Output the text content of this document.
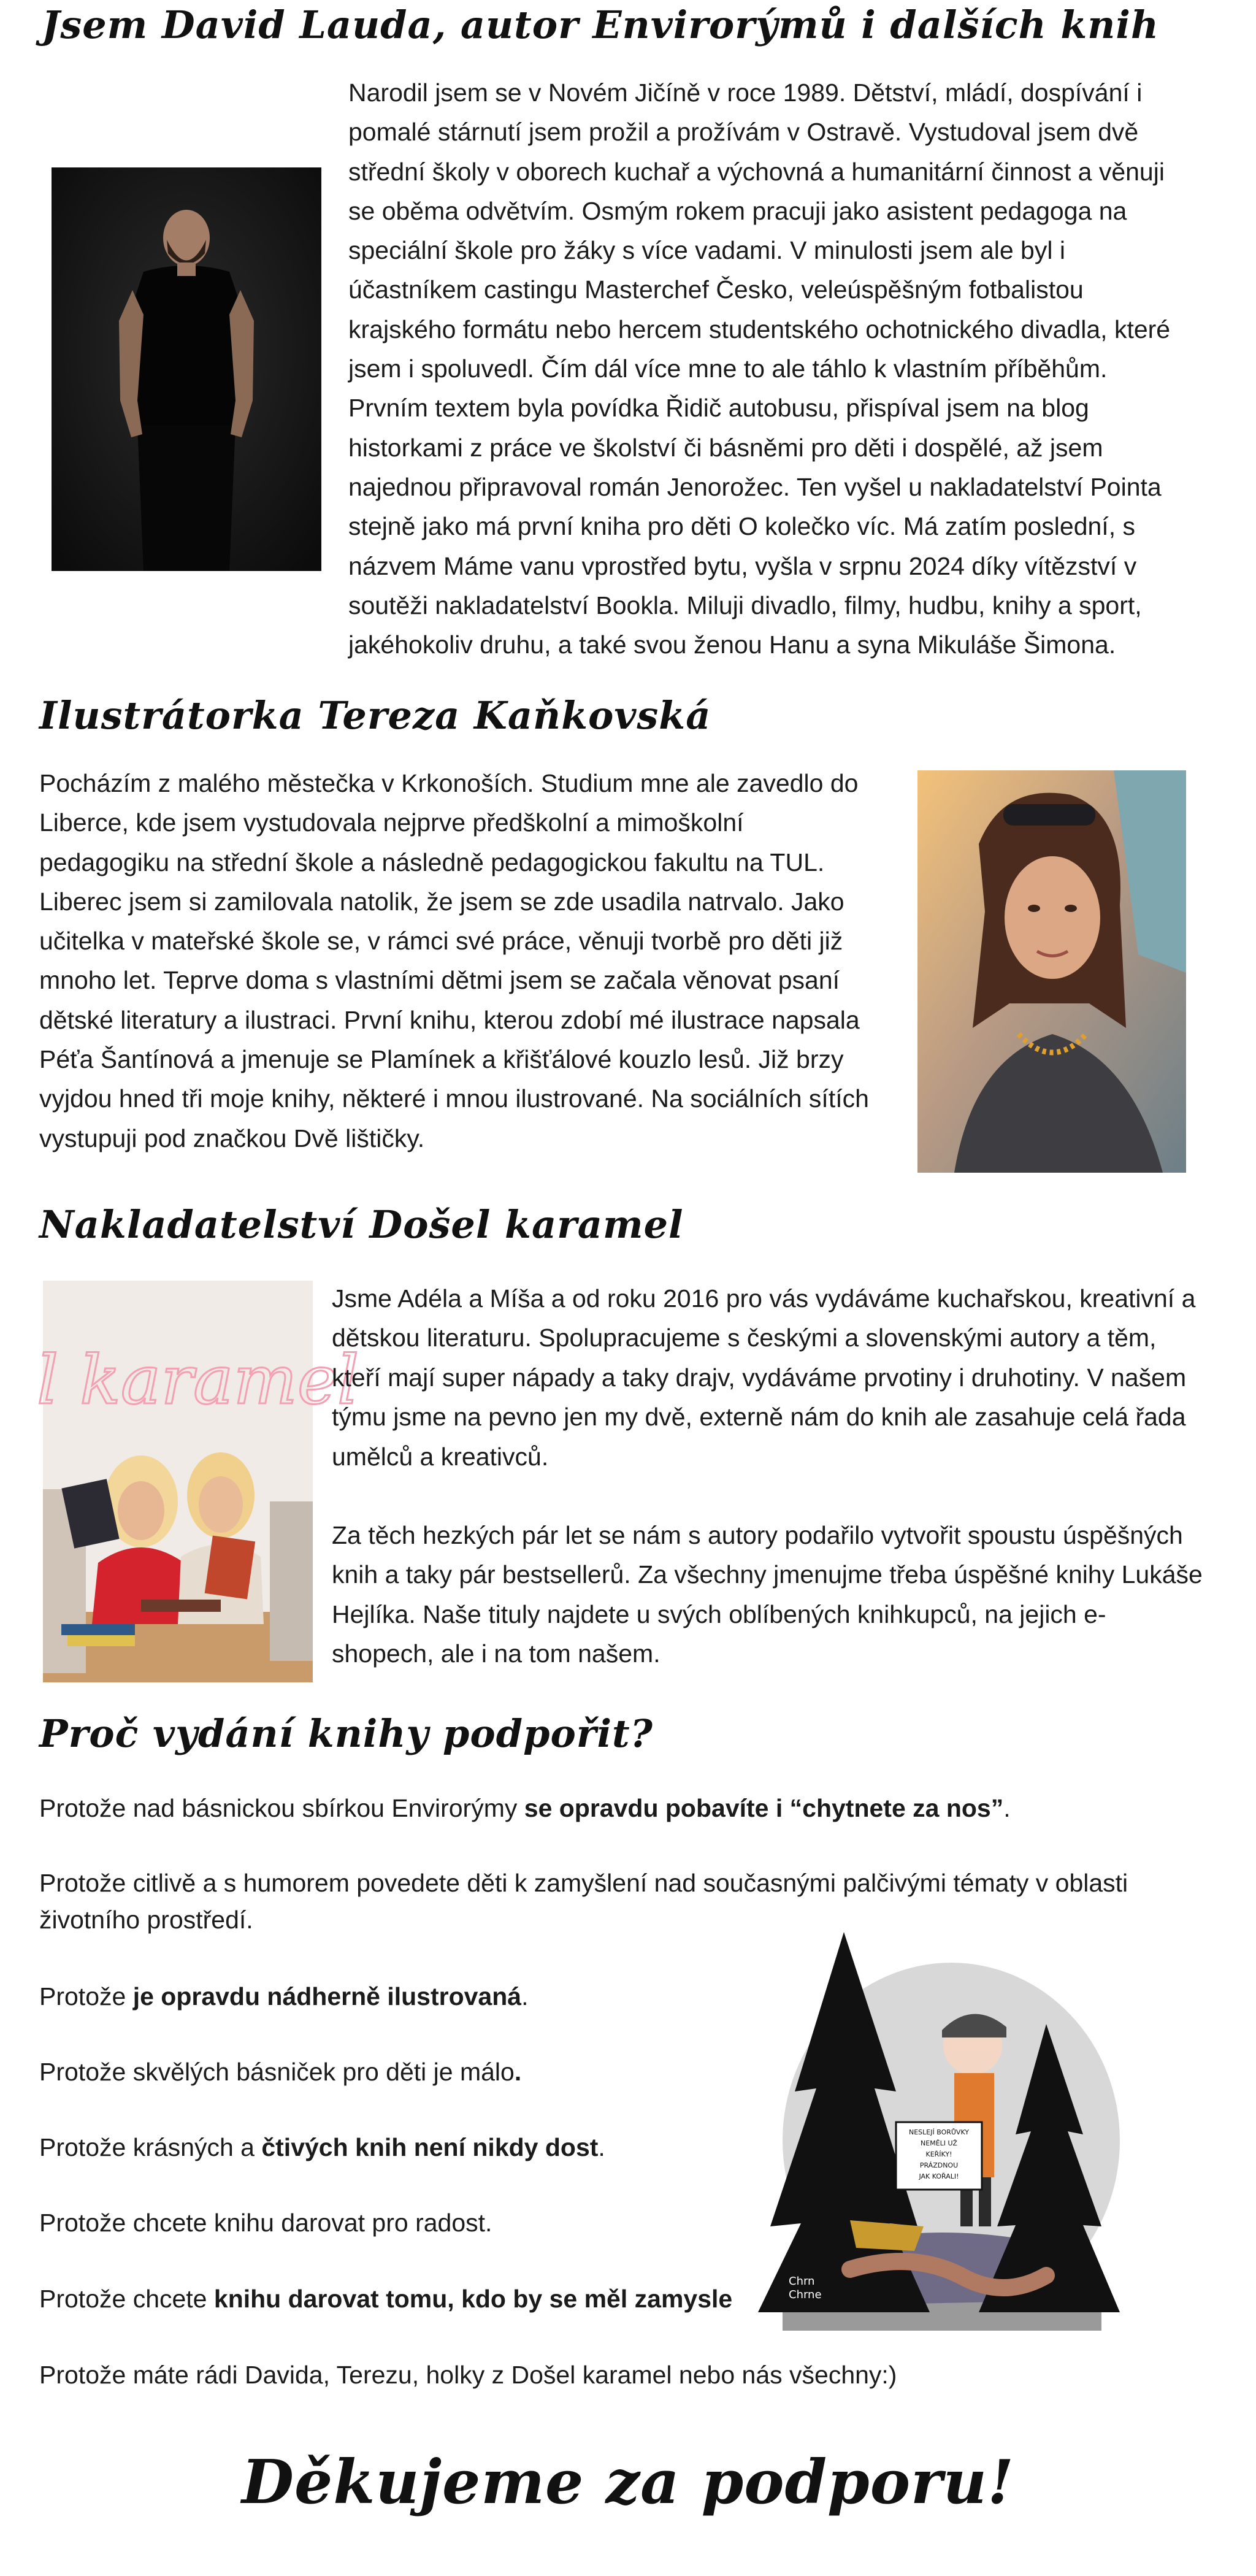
Jsem David Lauda, autor Envirorýmů i dalších knih

Narodil jsem se v Novém Jičíně v roce 1989. Dětství, mládí, dospívání i pomalé stárnutí jsem prožil a prožívám v Ostravě. Vystudoval jsem dvě střední školy v oborech kuchař a výchovná a humanitární činnost a věnuji se oběma odvětvím. Osmým rokem pracuji jako asistent pedagoga na speciální škole pro žáky s více vadami. V minulosti jsem ale byl i účastníkem castingu Masterchef Česko, veleúspěšným fotbalistou krajského formátu nebo hercem studentského ochotnického divadla, které jsem i spoluvedl. Čím dál více mne to ale táhlo k vlastním příběhům. Prvním textem byla povídka Řidič autobusu, přispíval jsem na blog historkami z práce ve školství či básněmi pro děti i dospělé, až jsem najednou připravoval román Jenorožec. Ten vyšel u nakladatelství Pointa stejně jako má první kniha pro děti O kolečko víc. Má zatím poslední, s názvem Máme vanu vprostřed bytu, vyšla v srpnu 2024 díky vítězství v soutěži nakladatelství Bookla. Miluji divadlo, filmy, hudbu, knihy a sport, jakéhokoliv druhu, a také svou ženou Hanu a syna Mikuláše Šimona.

Ilustrátorka Tereza Kaňkovská

Pocházím z malého městečka v Krkonoších. Studium mne ale zavedlo do Liberce, kde jsem vystudovala nejprve předškolní a mimoškolní pedagogiku na střední škole a následně pedagogickou fakultu na TUL. Liberec jsem si zamilovala natolik, že jsem se zde usadila natrvalo. Jako učitelka v mateřské škole se, v rámci své práce, věnuji tvorbě pro děti již mnoho let. Teprve doma s vlastními dětmi jsem se začala věnovat psaní dětské literatury a ilustraci. První knihu, kterou zdobí mé ilustrace napsala Péťa Šantínová a jmenuje se Plamínek a křišťálové kouzlo lesů. Již brzy vyjdou hned tři moje knihy, některé i mnou ilustrované. Na sociálních sítích vystupuji pod značkou Dvě lištičky.

Nakladatelství Došel karamel
l karamel

Jsme Adéla a Míša a od roku 2016 pro vás vydáváme kuchařskou, kreativní a dětskou literaturu. Spolupracujeme s českými a slovenskými autory a těm, kteří mají super nápady a taky drajv, vydáváme prvotiny i druhotiny. V našem týmu jsme na pevno jen my dvě, externě nám do knih ale zasahuje celá řada umělců a kreativců.

Za těch hezkých pár let se nám s autory podařilo vytvořit spoustu úspěšných knih a taky pár bestsellerů. Za všechny jmenujme třeba úspěšné knihy Lukáše Hejlíka. Naše tituly najdete u svých oblíbených knihkupců, na jejich e-shopech, ale i na tom našem.

Proč vydání knihy podpořit?

Protože nad básnickou sbírkou Envirorýmy se opravdu pobavíte i “chytnete za nos”.

Protože citlivě a s humorem povedete děti k zamyšlení nad současnými palčivými tématy v oblasti životního prostředí.

Protože je opravdu nádherně ilustrovaná.

Protože skvělých básniček pro děti je málo.

Protože krásných a čtivých knih není nikdy dost.

Protože chcete knihu darovat pro radost.

Protože chcete knihu darovat tomu, kdo by se měl zamysle

Protože máte rádi Davida, Terezu, holky z Došel karamel nebo nás všechny:)

NESLEJÍ BORŮVKY
NEMĚLI UŽ
KEŘÍKY!
PRÁZDNOU
JAK KOŘALI!
Chrn
Chrne
Děkujeme za podporu!
